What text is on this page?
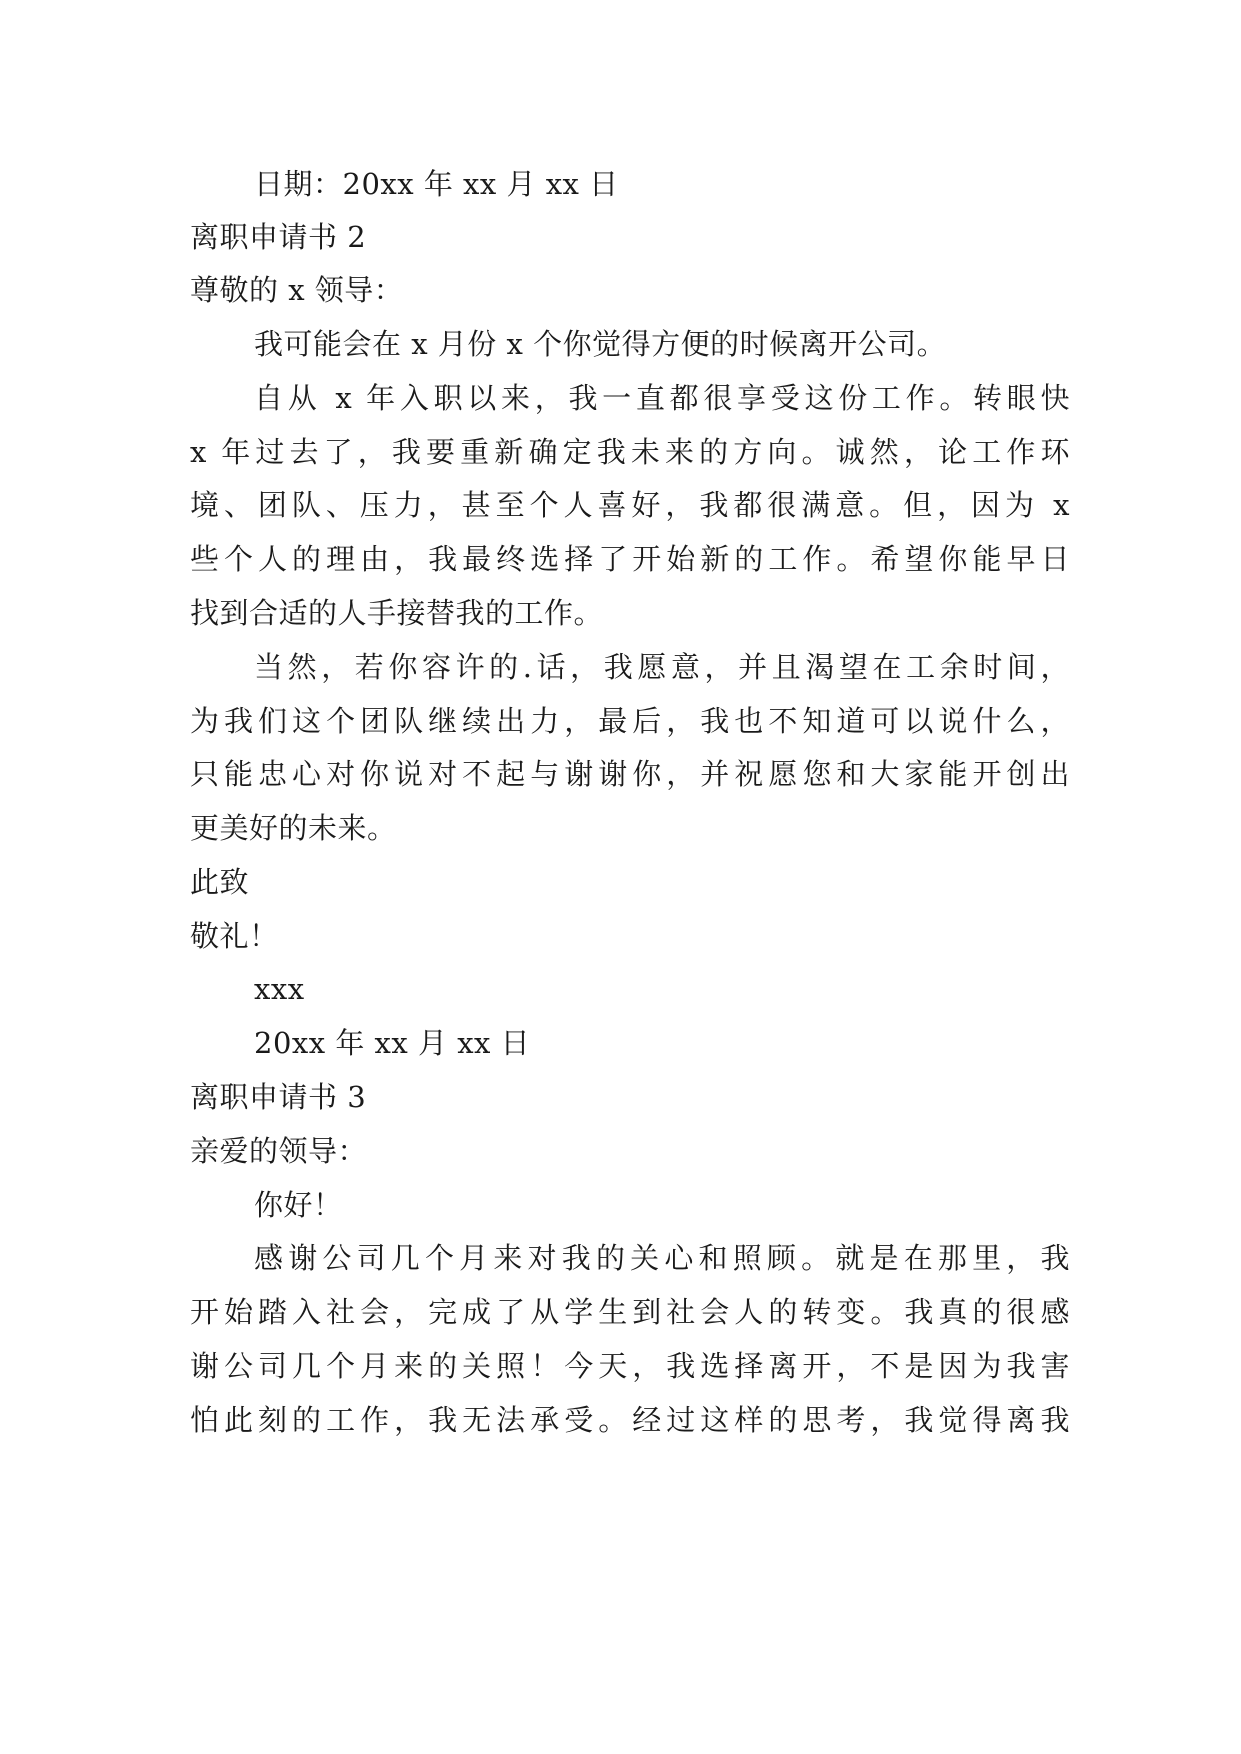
日期：20xx 年 xx 月 xx 日
离职申请书 2
尊敬的 x 领导：
我可能会在 x 月份 x 个你觉得方便的时候离开公司。
自从 x 年入职以来，我一直都很享受这份工作。转眼快
x 年过去了，我要重新确定我未来的方向。诚然，论工作环
境、团队、压力，甚至个人喜好，我都很满意。但，因为 x
些个人的理由，我最终选择了开始新的工作。希望你能早日
找到合适的人手接替我的工作。
当然，若你容许的.话，我愿意，并且渴望在工余时间，
为我们这个团队继续出力，最后，我也不知道可以说什么，
只能忠心对你说对不起与谢谢你，并祝愿您和大家能开创出
更美好的未来。
此致
敬礼！
xxx
20xx 年 xx 月 xx 日
离职申请书 3
亲爱的领导：
你好！
感谢公司几个月来对我的关心和照顾。就是在那里，我
开始踏入社会，完成了从学生到社会人的转变。我真的很感
谢公司几个月来的关照！今天，我选择离开，不是因为我害
怕此刻的工作，我无法承受。经过这样的思考，我觉得离我
